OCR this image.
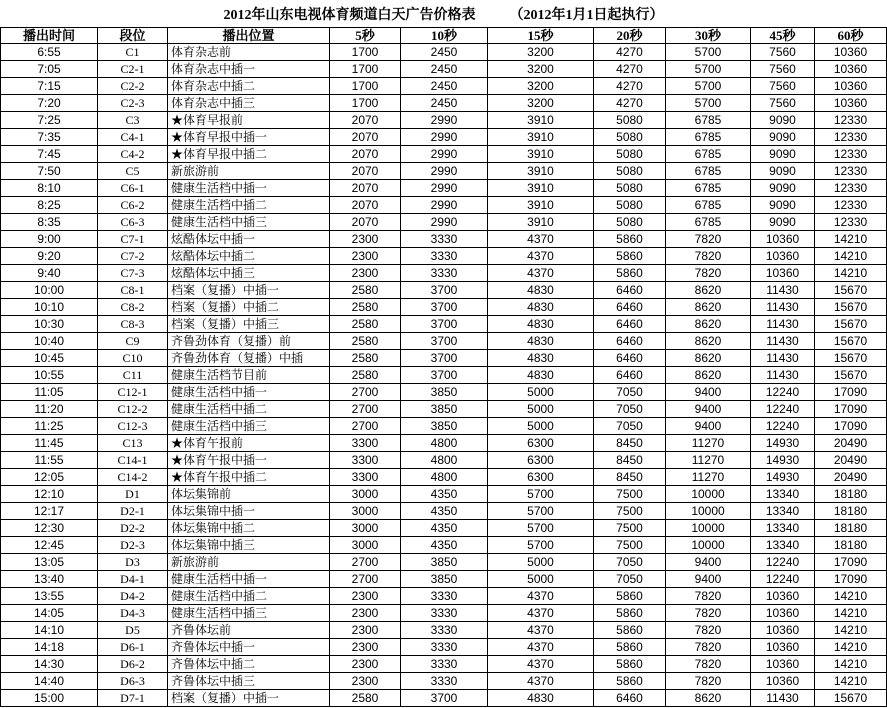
2012年山东电视体育频道白天广告价格表 （2012年1月1日起执行）
播出时间	段位	播出位置	5秒	10秒	15秒	20秒	30秒	45秒	60秒
6:55	C1	体育杂志前	1700	2450	3200	4270	5700	7560	10360
7:05	C2-1	体育杂志中插一	1700	2450	3200	4270	5700	7560	10360
7:15	C2-2	体育杂志中插二	1700	2450	3200	4270	5700	7560	10360
7:20	C2-3	体育杂志中插三	1700	2450	3200	4270	5700	7560	10360
7:25	C3	★体育早报前	2070	2990	3910	5080	6785	9090	12330
7:35	C4-1	★体育早报中插一	2070	2990	3910	5080	6785	9090	12330
7:45	C4-2	★体育早报中插二	2070	2990	3910	5080	6785	9090	12330
7:50	C5	新旅游前	2070	2990	3910	5080	6785	9090	12330
8:10	C6-1	健康生活档中插一	2070	2990	3910	5080	6785	9090	12330
8:25	C6-2	健康生活档中插二	2070	2990	3910	5080	6785	9090	12330
8:35	C6-3	健康生活档中插三	2070	2990	3910	5080	6785	9090	12330
9:00	C7-1	炫酷体坛中插一	2300	3330	4370	5860	7820	10360	14210
9:20	C7-2	炫酷体坛中插二	2300	3330	4370	5860	7820	10360	14210
9:40	C7-3	炫酷体坛中插三	2300	3330	4370	5860	7820	10360	14210
10:00	C8-1	档案（复播）中插一	2580	3700	4830	6460	8620	11430	15670
10:10	C8-2	档案（复播）中插二	2580	3700	4830	6460	8620	11430	15670
10:30	C8-3	档案（复播）中插三	2580	3700	4830	6460	8620	11430	15670
10:40	C9	齐鲁劲体育（复播）前	2580	3700	4830	6460	8620	11430	15670
10:45	C10	齐鲁劲体育（复播）中插	2580	3700	4830	6460	8620	11430	15670
10:55	C11	健康生活档节目前	2580	3700	4830	6460	8620	11430	15670
11:05	C12-1	健康生活档中插一	2700	3850	5000	7050	9400	12240	17090
11:20	C12-2	健康生活档中插二	2700	3850	5000	7050	9400	12240	17090
11:25	C12-3	健康生活档中插三	2700	3850	5000	7050	9400	12240	17090
11:45	C13	★体育午报前	3300	4800	6300	8450	11270	14930	20490
11:55	C14-1	★体育午报中插一	3300	4800	6300	8450	11270	14930	20490
12:05	C14-2	★体育午报中插二	3300	4800	6300	8450	11270	14930	20490
12:10	D1	体坛集锦前	3000	4350	5700	7500	10000	13340	18180
12:17	D2-1	体坛集锦中插一	3000	4350	5700	7500	10000	13340	18180
12:30	D2-2	体坛集锦中插二	3000	4350	5700	7500	10000	13340	18180
12:45	D2-3	体坛集锦中插三	3000	4350	5700	7500	10000	13340	18180
13:05	D3	新旅游前	2700	3850	5000	7050	9400	12240	17090
13:40	D4-1	健康生活档中插一	2700	3850	5000	7050	9400	12240	17090
13:55	D4-2	健康生活档中插二	2300	3330	4370	5860	7820	10360	14210
14:05	D4-3	健康生活档中插三	2300	3330	4370	5860	7820	10360	14210
14:10	D5	齐鲁体坛前	2300	3330	4370	5860	7820	10360	14210
14:18	D6-1	齐鲁体坛中插一	2300	3330	4370	5860	7820	10360	14210
14:30	D6-2	齐鲁体坛中插二	2300	3330	4370	5860	7820	10360	14210
14:40	D6-3	齐鲁体坛中插三	2300	3330	4370	5860	7820	10360	14210
15:00	D7-1	档案（复播）中插一	2580	3700	4830	6460	8620	11430	15670
